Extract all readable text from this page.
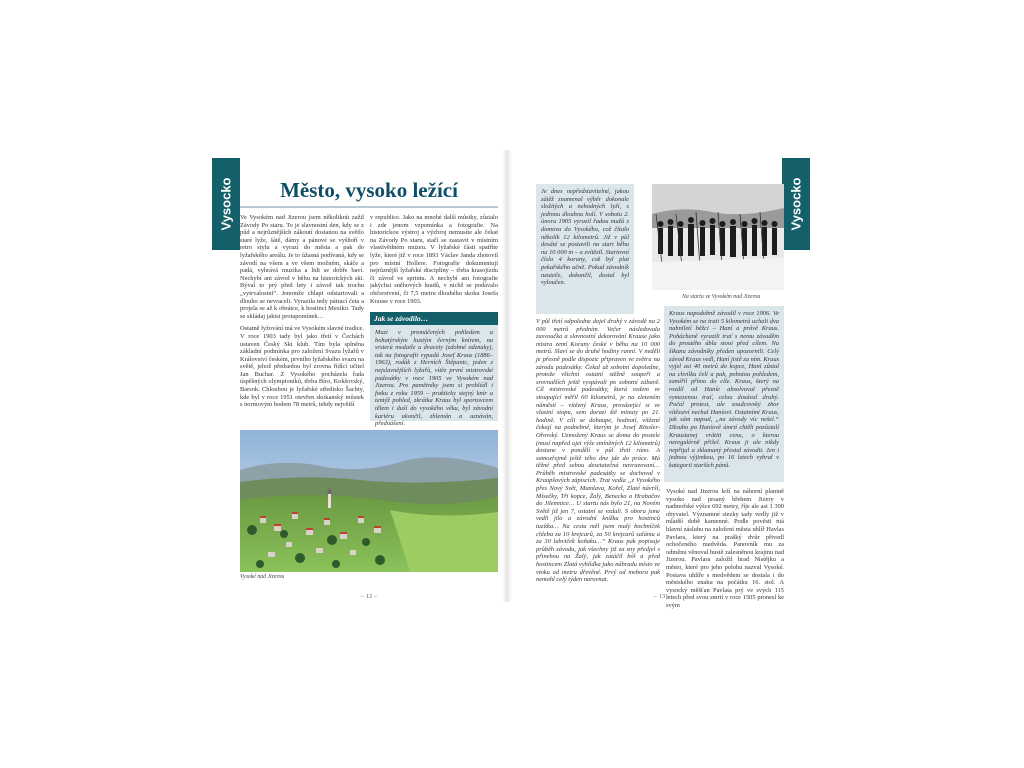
Vysocko	Město, vysoko ležící

Ve Vysokém nad Jizerou jsem několikrát zažil Závody Po staru. To je slavnostní den, kdy se z půd a nejrůznějších zákoutí dostanou na světlo staré lyže, šátě, dámy a pánové se vyšňoří v retro stylu a vyrazí do města a pak do lyžařského areálu. Je to úžasná podívaná, kdy se závodí na všem a ve všem možném, skáče a padá, vyhrává muzika a lidi se dobře baví. Nechybí ani závod v běhu na historických ski. Býval to prý před lety i závod tak trochu „vytrvalostní“. Jenomže chlapi odstartovali a dlouho se nevraceli. Vyrazila tedy pátrací četa a projela se až k obrátce, k hostinci Mexiko. Tady se skládaj jakisi protapomínek…

Ostatně lyžování má ve Vysokém slavné tradice. V roce 1903 tady byl jako třetí v Čechách ustaven Český Ski klub. Tím byla splněna základní podmínka pro založení Svazu lyžařů v Království českém, prvního lyžařského svazu na světě, jehož předsedou byl zrovna řídící učitel Jan Buchar. Z Vysokého pocházela řada úspěšných olympioniků, třeba Bíro, Kokšovský, Barsok. Chloubou je lyžařské středisko Šachty, kde byl v roce 1951 otevřen skokanský můstek s normovým bodem 78 metrů, tehdy největší

v republice. Jako na mnohé další můstky, zůstalo i zde jenom vzpomínka a fotografie. Na historickou výstroj a výzbroj nemusíte ale čekat na Závody Po staru, stačí se zastavit v místním vlastivědném muzeu. V lyžařské části spatříte lyže, které již v roce 1893 Václav Janda zhotovil pro místní Hollere. Fotografie dokumentují nejrůznější lyžařské disciplíny – třeba krasojízdu či závod ve sprintu. A nechybí ani fotografie jakýchsi sněhových hradů, v nichž se podávalo občerstvení, či 7,5 metru dlouhého skoku Josefa Krause v roce 1903.

Jak se závodilo…
Muzi v promáčených pohledem a bohatýrským hustým černým knírem, na srsterú medaile a dvacety (zdobné odznaky), tak na fotografii vypadá Josef Kraus (1886–1963), rodák z Herních Štěpanic, jeden z nejslavnějších lyžařů, vítěz první mistrovské padesátky v roce 1905 ve Vysokém nad Jizerou. Pro pamětníky jsem si prohlédl i fotku z roku 1959 – prakticky stejný knír a tentýž pohled, zkrátka Kraus byl sportovcem tělem i duší do vysokého věku, byl závodní kariéru ukončil, zhlemán a uznáván, přednášení.
Vysoké nad Jizerou
– 12 –
Vysocko
Je dnes nepředstavitelné, jakou zátěž znamenal výběr dokonale složitých a nehodných lyží, s jedinou dlouhou holí. V sobotu 2. února 1905 vyrazil řadou mužů z domova do Vysokého, což čítalo několik 12 kilometrů. Již v půl desáté se postavili na start běhu na 10 000 m – a zvítězil. Startovní čísla 4 koruny, což byl plat pekařského učně. Pokud závodník neuteče, dokončil, dostal byl vyloučen.

V půl třetí odpoledne dojel druhý v závodě na 2 000 metrů předním. Večer následovala zasvoučka a slavnostní dekorování Krause jako mistra zemí Koruny české v běhu na 10 000 metrů. Slaví se do druhé hodiny ranní. V neděli je přesně podle dispozic připraven ve zvětra na zárodu padesátky. Čekal až sobotní dopoledne, protože všichni ostatní stěžně soupeři a srovnalších ještě vyspávali po sobotní zábavě. Cíl mistrovské padesátky, která vedem ve stoupající měřil 60 kilometrů, je na zleteném náměstí – vítězný Kraus, provázející si ve vlastní stopu, sem dorazí ště minuty po 21. hodině. V cíli se dobaupe, hodnotí, vítězné čekají na podnebné, kterým je Josef Rössler-Ořovský. Uzmožený Kraus se doma do postele (musí napřed ujet výše zmíněných 12 kilometrů) dostane v pondělí v půl třetí ráno. A samozřejmě ještě tého dne jde do práce. Má těžné před sebou desetatečná navrazovaní… Průběh mistrovské padesátky se dochoval v Kraupšových zápiscích. Trat vedla „z Vysokého přes Nový Svět, Mumlava, Kořel, Zlaté návrší, Mísečky, Tři kopce, Žalý, Benecko a Hrabačov do Jilemnice… U startu nás bylo 21, na Novém Světě již jen 7, ostatní se vzdali. S oboru jsme vedli jilo a závodní knížku pro hostinců tuzítka… Na cestu měl jsem malý bochníček chleba za 10 krejcarů, za 50 krejcarů salámu a za 30 lahviček koňaku…“ Kraus pak popisuje průběh závodu, jak všechny již za sny předjel s přinehou na Žalý, jak zatáčil ból a před hostincem Zlatá vyhlídka jako náhradu místo ve vtoku od metru dřevěné. Prvý od mebora pak nemohl celý týden narovnat.

Na startu ve Vysokém nad Jizerou
Kraus napodobně závodil v roce 1906. Ve Vysokém se na trati 5 kilometrů uchali dva nahniletí běžci – Haní a právě Kraus. Poháchaně vyrazili trať s nemu závaděm do prostého úbla stooi před cílem. Na šikanu závodníky předen upozornili. Celý závod Kraus vedl, Haní jistě za ním. Kraus vyjel asi 40 metrů do kopce, Haní zůstal na chvilku čelí a pak, pohotou pohledem, zamířil přímo do cíle. Kraus, který na rozdíl od Haníe absolvoval přesně vymezenou trať, celou dosával druhý. Počal protest, ale soudcovský zbor vítězství nechal Haníovi. Ostatními Kraus, jak sám napsal, „na závody víc nešel.“ Dlouho po Haníově úmrtí chtěli pozůstalí Kraustanej vrátiti cenu, o kterou neregulérně přišel. Kraus ji ale nikdy nepřijal a zklamaný přestal závodit. Jen i jednou výjimkou, po 16 letech vybral v kategorii starších pánů.

Vysoké nad Jizerou leží na náhorní planině vysoko nad prsaný břehem Jizery v nadmořské výšce 692 metry, říje ale asi 1 300 obyvatel. Významné stezky tady vedly již v mladší době kamenné. Podle pověsti má hlavní zásluhu na založení města uhlíř Havlas Pavlara, který na prašký dvůr přivedl ochočeného medvěda. Panovník mu za odměnu věnoval hustě zalesněnou krajinu nad Jizerou. Pavlara založil hrad Nístějku a město, které pro jeho polohu nazval Vysoké. Postava uhlíře s medvědem se dostala i do městského znaku na počátku 16. stol. A vysocký měšťan Pavlata prý ve svých 115 letech před svou smrtí v roce 1505 pronesl ke svým

– 13 –
